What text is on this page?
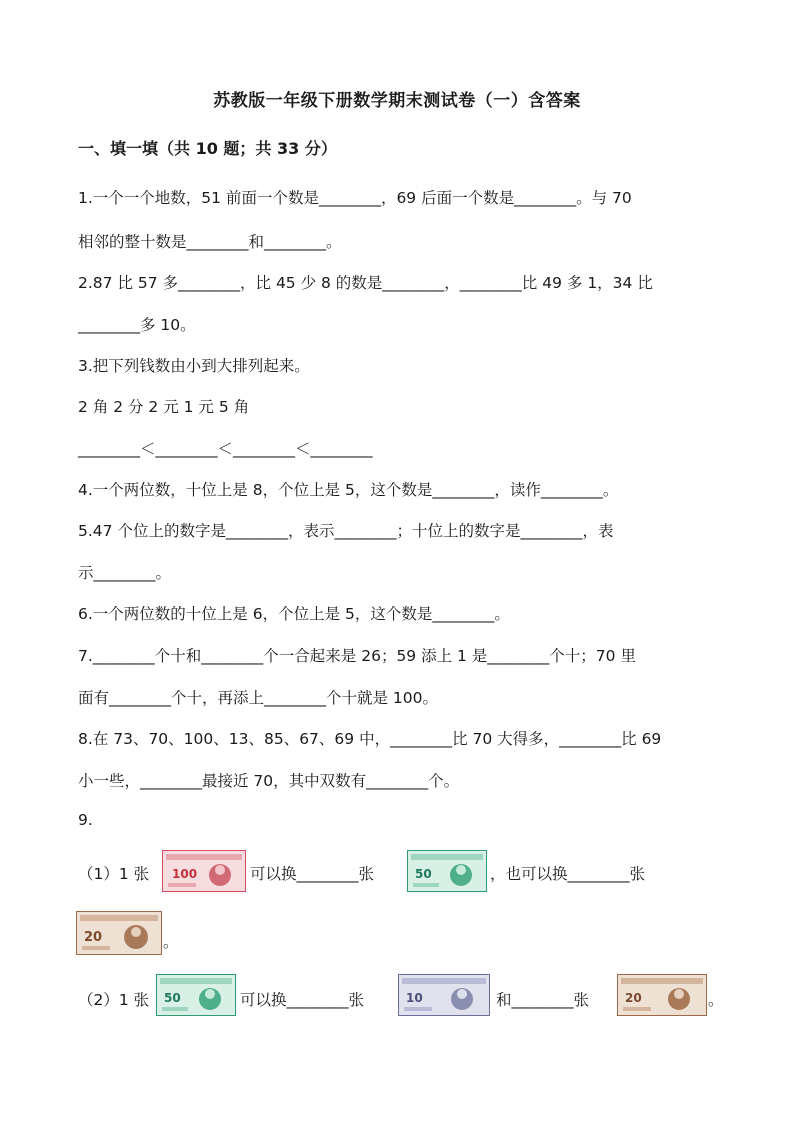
苏教版一年级下册数学期末测试卷（一）含答案
一、填一填（共 10 题；共 33 分）
1.一个一个地数，51 前面一个数是________，69 后面一个数是________。与 70
相邻的整十数是________和________。
2.87 比 57 多________，比 45 少 8 的数是________，________比 49 多 1，34 比
________多 10。
3.把下列钱数由小到大排列起来。
2 角 2 分 2 元 1 元 5 角
________＜________＜________＜________
4.一个两位数，十位上是 8，个位上是 5，这个数是________，读作________。
5.47 个位上的数字是________，表示________；十位上的数字是________，表
示________。
6.一个两位数的十位上是 6，个位上是 5，这个数是________。
7.________个十和________个一合起来是 26；59 添上 1 是________个十；70 里
面有________个十，再添上________个十就是 100。
8.在 73、70、100、13、85、67、69 中，________比 70 大得多，________比 69
小一些，________最接近 70，其中双数有________个。
9.
（1）1 张 100	可以换________张	50	，也可以换________张
20	。
（2）1 张 50	可以换________张	10	和________张	20	。
